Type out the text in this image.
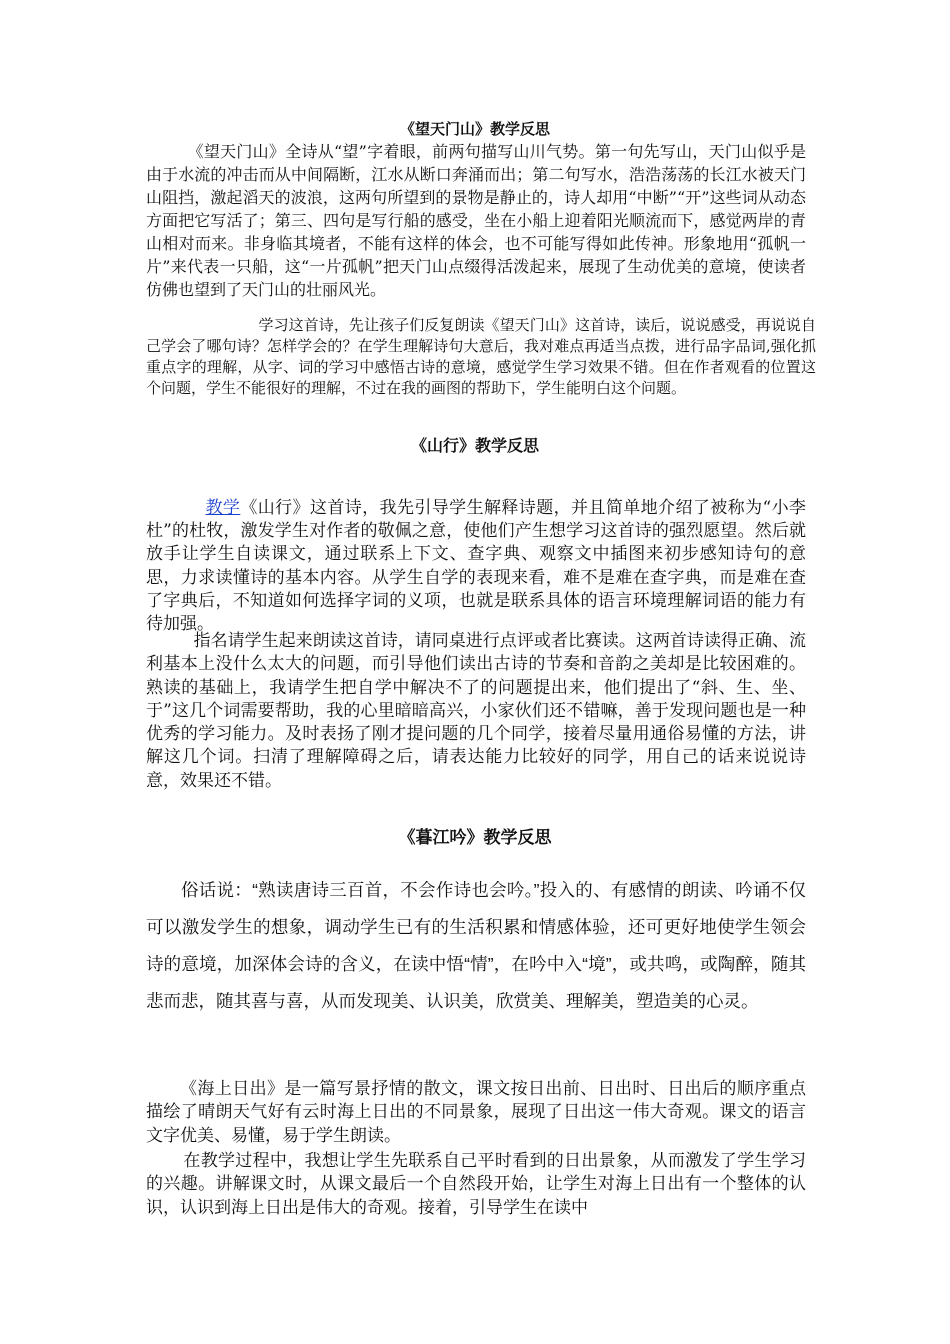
《望天门山》教学反思

《望天门山》全诗从“望”字着眼，前两句描写山川气势。第一句先写山，天门山似乎是由于水流的冲击而从中间隔断，江水从断口奔涌而出；第二句写水，浩浩荡荡的长江水被天门山阻挡，激起滔天的波浪，这两句所望到的景物是静止的，诗人却用“中断”“开”这些词从动态方面把它写活了；第三、四句是写行船的感受，坐在小船上迎着阳光顺流而下，感觉两岸的青山相对而来。非身临其境者，不能有这样的体会，也不可能写得如此传神。形象地用“孤帆一片”来代表一只船，这“一片孤帆”把天门山点缀得活泼起来，展现了生动优美的意境，使读者仿佛也望到了天门山的壮丽风光。

学习这首诗，先让孩子们反复朗读《望天门山》这首诗，读后，说说感受，再说说自己学会了哪句诗？怎样学会的？在学生理解诗句大意后，我对难点再适当点拨，进行品字品词,强化抓重点字的理解，从字、词的学习中感悟古诗的意境，感觉学生学习效果不错。但在作者观看的位置这个问题，学生不能很好的理解，不过在我的画图的帮助下，学生能明白这个问题。

《山行》教学反思

教学《山行》这首诗，我先引导学生解释诗题，并且简单地介绍了被称为“小李杜”的杜牧，激发学生对作者的敬佩之意，使他们产生想学习这首诗的强烈愿望。然后就放手让学生自读课文，通过联系上下文、查字典、观察文中插图来初步感知诗句的意思，力求读懂诗的基本内容。从学生自学的表现来看，难不是难在查字典，而是难在查了字典后，不知道如何选择字词的义项，也就是联系具体的语言环境理解词语的能力有待加强。

指名请学生起来朗读这首诗，请同桌进行点评或者比赛读。这两首诗读得正确、流利基本上没什么太大的问题，而引导他们读出古诗的节奏和音韵之美却是比较困难的。熟读的基础上，我请学生把自学中解决不了的问题提出来，他们提出了“斜、生、坐、于”这几个词需要帮助，我的心里暗暗高兴，小家伙们还不错嘛，善于发现问题也是一种优秀的学习能力。及时表扬了刚才提问题的几个同学，接着尽量用通俗易懂的方法，讲解这几个词。扫清了理解障碍之后，请表达能力比较好的同学，用自己的话来说说诗意，效果还不错。

《暮江吟》教学反思

俗话说：“熟读唐诗三百首，不会作诗也会吟。”投入的、有感情的朗读、吟诵不仅可以激发学生的想象，调动学生已有的生活积累和情感体验，还可更好地使学生领会诗的意境，加深体会诗的含义，在读中悟“情”，在吟中入“境”，或共鸣，或陶醉，随其悲而悲，随其喜与喜，从而发现美、认识美，欣赏美、理解美，塑造美的心灵。

《海上日出》是一篇写景抒情的散文，课文按日出前、日出时、日出后的顺序重点描绘了晴朗天气好有云时海上日出的不同景象，展现了日出这一伟大奇观。课文的语言文字优美、易懂，易于学生朗读。

在教学过程中，我想让学生先联系自己平时看到的日出景象，从而激发了学生学习的兴趣。讲解课文时，从课文最后一个自然段开始，让学生对海上日出有一个整体的认识，认识到海上日出是伟大的奇观。接着，引导学生在读中
